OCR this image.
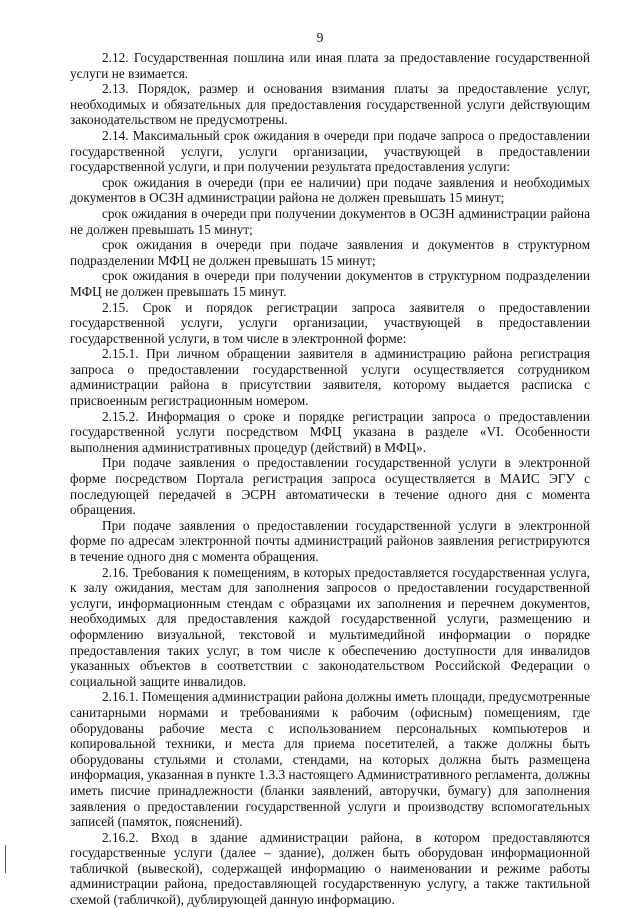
9

2.12. Государственная пошлина или иная плата за предоставление государственной услуги не взимается.

2.13. Порядок, размер и основания взимания платы за предоставление услуг, необходимых и обязательных для предоставления государственной услуги действующим законодательством не предусмотрены.

2.14. Максимальный срок ожидания в очереди при подаче запроса о предоставлении государственной услуги, услуги организации, участвующей в предоставлении государственной услуги, и при получении результата предоставления услуги:

срок ожидания в очереди (при ее наличии) при подаче заявления и необходимых документов в ОСЗН администрации района не должен превышать 15 минут;

срок ожидания в очереди при получении документов в ОСЗН администрации района не должен превышать 15 минут;

срок ожидания в очереди при подаче заявления и документов в структурном подразделении МФЦ не должен превышать 15 минут;

срок ожидания в очереди при получении документов в структурном подразделении МФЦ не должен превышать 15 минут.

2.15. Срок и порядок регистрации запроса заявителя о предоставлении государственной услуги, услуги организации, участвующей в предоставлении государственной услуги, в том числе в электронной форме:

2.15.1. При личном обращении заявителя в администрацию района регистрация запроса о предоставлении государственной услуги осуществляется сотрудником администрации района в присутствии заявителя, которому выдается расписка с присвоенным регистрационным номером.

2.15.2. Информация о сроке и порядке регистрации запроса о предоставлении государственной услуги посредством МФЦ указана в разделе «VI. Особенности выполнения административных процедур (действий) в МФЦ».

При подаче заявления о предоставлении государственной услуги в электронной форме посредством Портала регистрация запроса осуществляется в МАИС ЭГУ с последующей передачей в ЭСРН автоматически в течение одного дня с момента обращения.

При подаче заявления о предоставлении государственной услуги в электронной форме по адресам электронной почты администраций районов заявления регистрируются в течение одного дня с момента обращения.

2.16. Требования к помещениям, в которых предоставляется государственная услуга, к залу ожидания, местам для заполнения запросов о предоставлении государственной услуги, информационным стендам с образцами их заполнения и перечнем документов, необходимых для предоставления каждой государственной услуги, размещению и оформлению визуальной, текстовой и мультимедийной информации о порядке предоставления таких услуг, в том числе к обеспечению доступности для инвалидов указанных объектов в соответствии с законодательством Российской Федерации о социальной защите инвалидов.

2.16.1. Помещения администрации района должны иметь площади, предусмотренные санитарными нормами и требованиями к рабочим (офисным) помещениям, где оборудованы рабочие места с использованием персональных компьютеров и копировальной техники, и места для приема посетителей, а также должны быть оборудованы стульями и столами, стендами, на которых должна быть размещена информация, указанная в пункте 1.3.3 настоящего Административного регламента, должны иметь писчие принадлежности (бланки заявлений, авторучки, бумагу) для заполнения заявления о предоставлении государственной услуги и производству вспомогательных записей (памяток, пояснений).

2.16.2. Вход в здание администрации района, в котором предоставляются государственные услуги (далее – здание), должен быть оборудован информационной табличкой (вывеской), содержащей информацию о наименовании и режиме работы администрации района, предоставляющей государственную услугу, а также тактильной схемой (табличкой), дублирующей данную информацию.
